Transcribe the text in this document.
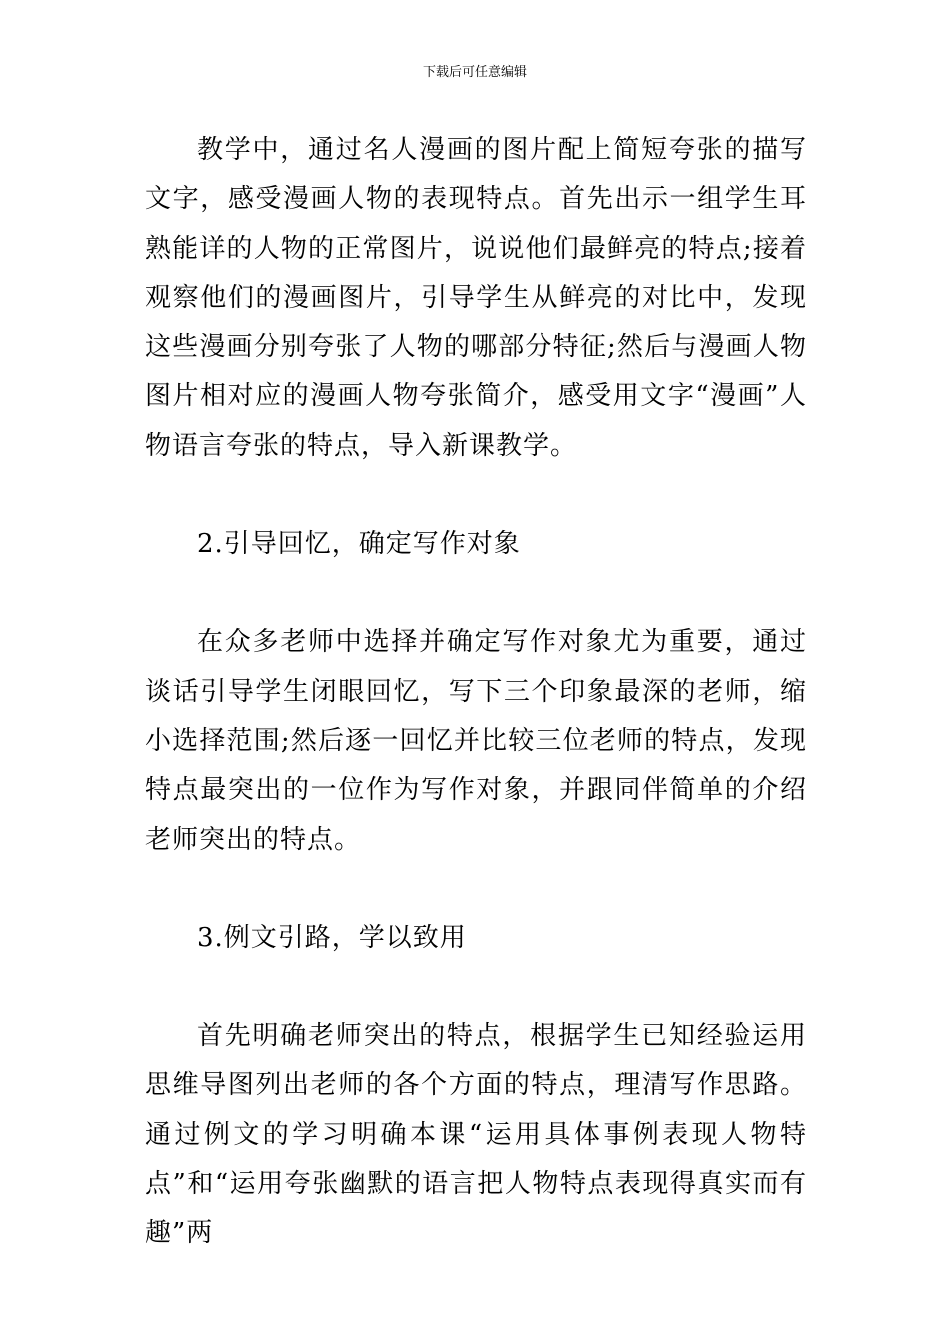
下载后可任意编辑

教学中，通过名人漫画的图片配上简短夸张的描写文字，感受漫画人物的表现特点。首先出示一组学生耳熟能详的人物的正常图片，说说他们最鲜亮的特点;接着观察他们的漫画图片，引导学生从鲜亮的对比中，发现这些漫画分别夸张了人物的哪部分特征;然后与漫画人物图片相对应的漫画人物夸张简介，感受用文字“漫画”人物语言夸张的特点，导入新课教学。

2.引导回忆，确定写作对象

在众多老师中选择并确定写作对象尤为重要，通过谈话引导学生闭眼回忆，写下三个印象最深的老师，缩小选择范围;然后逐一回忆并比较三位老师的特点，发现特点最突出的一位作为写作对象，并跟同伴简单的介绍老师突出的特点。

3.例文引路，学以致用

首先明确老师突出的特点，根据学生已知经验运用思维导图列出老师的各个方面的特点，理清写作思路。通过例文的学习明确本课“运用具体事例表现人物特点”和“运用夸张幽默的语言把人物特点表现得真实而有趣”两
